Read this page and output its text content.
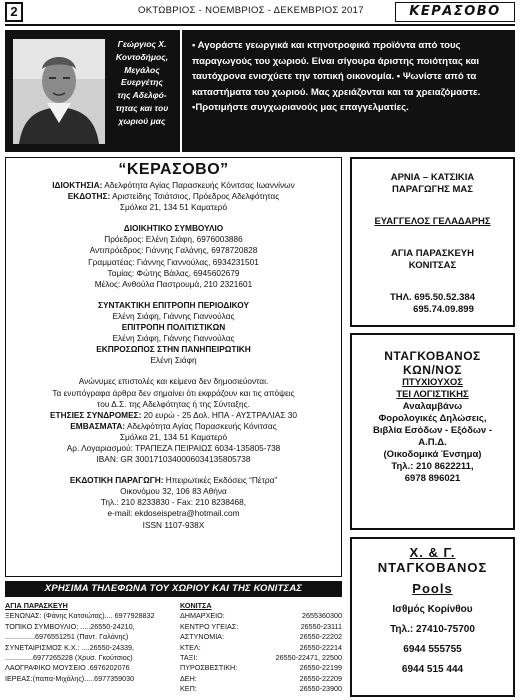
2	ΟΚΤΩΒΡΙΟΣ - ΝΟΕΜΒΡΙΟΣ - ΔΕΚΕΜΒΡΙΟΣ 2017	ΚΕΡΑΣΟΒΟ
Γεώργιος Χ.
Κοντοδήμος,
Μεγάλος
Ευεργέτης
της Αδελφό-
τητας και του
χωριού μας
• Αγοράστε γεωργικά και κτηνοτροφικά προϊόντα από τους παραγωγούς του χωριού. Είναι σίγουρα άριστης ποιότητας και ταυτόχρονα ενισχύετε την τοπική οικονομία. • Ψωνίστε από τα καταστήματα του χωριού. Μας χρειάζονται και τα χρειαζόμαστε. •Προτιμήστε συγχωριανούς μας επαγγελματίες.
“ΚΕΡΑΣΟΒΟ”
ΙΔΙΟΚΤΗΣΙΑ: Αδελφότητα Αγίας Παρασκευής Κόνιτσας Ιωαννίνων
ΕΚΔΟΤΗΣ: Αριστείδης Τσιάτσιος, Πρόεδρος Αδελφότητας
Σμόλκα 21, 134 51 Καματερό
ΔΙΟΙΚΗΤΙΚΟ ΣΥΜΒΟΥΛΙΟ
Πρόεδρος: Ελένη Σιάφη, 6976003886
Αντιπρόεδρος: Γιάννης Γαλάνης, 6978720828
Γραμματέας: Γιάννης Γιαννούλας, 6934231501
Ταμίας: Φώτης Βάιλας, 6945602679
Μέλος: Ανθούλα Παστρουμά, 210 2321601
ΣΥΝΤΑΚΤΙΚΗ ΕΠΙΤΡΟΠΗ ΠΕΡΙΟΔΙΚΟΥ
Ελένη Σιάφη, Γιάννης Γιαννούλας
ΕΠΙΤΡΟΠΗ ΠΟΛΙΤΙΣΤΙΚΩΝ
Ελένη Σιάφη, Γιάννης Γιαννούλας
ΕΚΠΡΟΣΩΠΟΣ ΣΤΗΝ ΠΑΝΗΠΕΙΡΩΤΙΚΗ
Ελένη Σιάφη
Ανώνυμες επιστολές και κείμενα δεν δημοσιεύονται.
Τα ενυπόγραφα άρθρα δεν σημαίνει ότι εκφράζουν και τις απόψεις
του Δ.Σ. της Αδελφότητας ή της Σύνταξης.
ΕΤΗΣΙΕΣ ΣΥΝΔΡΟΜΕΣ: 20 ευρώ - 25 Δολ. ΗΠΑ - ΑΥΣΤΡΑΛΙΑΣ 30
ΕΜΒΑΣΜΑΤΑ: Αδελφότητα Αγίας Παρασκευής Κόνιτσας
Σμόλκα 21, 134 51 Καματερό
Αρ. Λογαριασμού: ΤΡΑΠΕΖΑ ΠΕΙΡΑΙΩΣ 6034-135805-738
IBAN: GR 3001710340006034135805738
ΕΚΔΟΤΙΚΗ ΠΑΡΑΓΩΓΗ: Ηπειρωτικές Εκδόσεις “Πέτρα”
Οικονόμου 32, 106 83 Αθήνα
Τηλ.: 210 8233830 - Fax: 210 8238468,
e-mail: ekdoseispetra@hotmail.com
ISSN 1107-938X
ΑΡΝΙΑ – ΚΑΤΣΙΚΙΑ
ΠΑΡΑΓΩΓΗΣ ΜΑΣ
ΕΥΑΓΓΕΛΟΣ ΓΕΛΑΔΑΡΗΣ
ΑΓΙΑ ΠΑΡΑΣΚΕΥΗ
ΚΟΝΙΤΣΑΣ
ΤΗΛ. 695.50.52.384
695.74.09.899
ΝΤΑΓΚΟΒΑΝΟΣ
ΚΩΝ/ΝΟΣ
ΠΤΥΧΙΟΥΧΟΣ
ΤΕΙ ΛΟΓΙΣΤΙΚΗΣ
Αναλαμβάνω
Φορολογικές Δηλώσεις,
Βιβλία Εσόδων - Εξόδων -
Α.Π.Δ.
(Οικοδομικά Ένσημα)
Τηλ.: 210 8622211,
6978 896021
Χ. & Γ.
ΝΤΑΓΚΟΒΑΝΟΣ
Pools
Ισθμός Κορίνθου
Τηλ.: 27410-75700
6944 555755
6944 515 444
ΧΡΗΣΙΜΑ ΤΗΛΕΦΩΝΑ ΤΟΥ ΧΩΡΙΟΥ ΚΑΙ ΤΗΣ ΚΟΝΙΤΣΑΣ
ΑΓΙΑ ΠΑΡΑΣΚΕΥΗ
ΞΕΝΩΝΑΣ: (Φάνης Κατσιώτας).... 6977928832
ΤΟΠΙΚΟ ΣΥΜΒΟΥΛΙΟ: .....26550-24210,
...............6976551251 (Παντ. Γαλάνης)
ΣΥΝΕΤΑΙΡΙΣΜΟΣ Κ.Χ.: ....26550-24339,
..............6977265228 (Χρυσ. Γκούτσιος)
ΛΑΟΓΡΑΦΙΚΟ ΜΟΥΣΕΙΟ .6976202076
ΙΕΡΕΑΣ:(παπα-Μιχάλης).....6977359030
ΚΟΝΙΤΣΑ
ΔΗΜΑΡΧΕΙΟ:	2655360300
ΚΕΝΤΡΟ ΥΓΕΙΑΣ:	26550-23111
ΑΣΤΥΝΟΜΙΑ:	26550-22202
ΚΤΕΛ:	26550-22214
ΤΑΞΙ:	26550-22471, 22500
ΠΥΡΟΣΒΕΣΤΙΚΗ:	26550-22199
ΔΕΗ:	26550-22209
ΚΕΠ:	26550-23900
